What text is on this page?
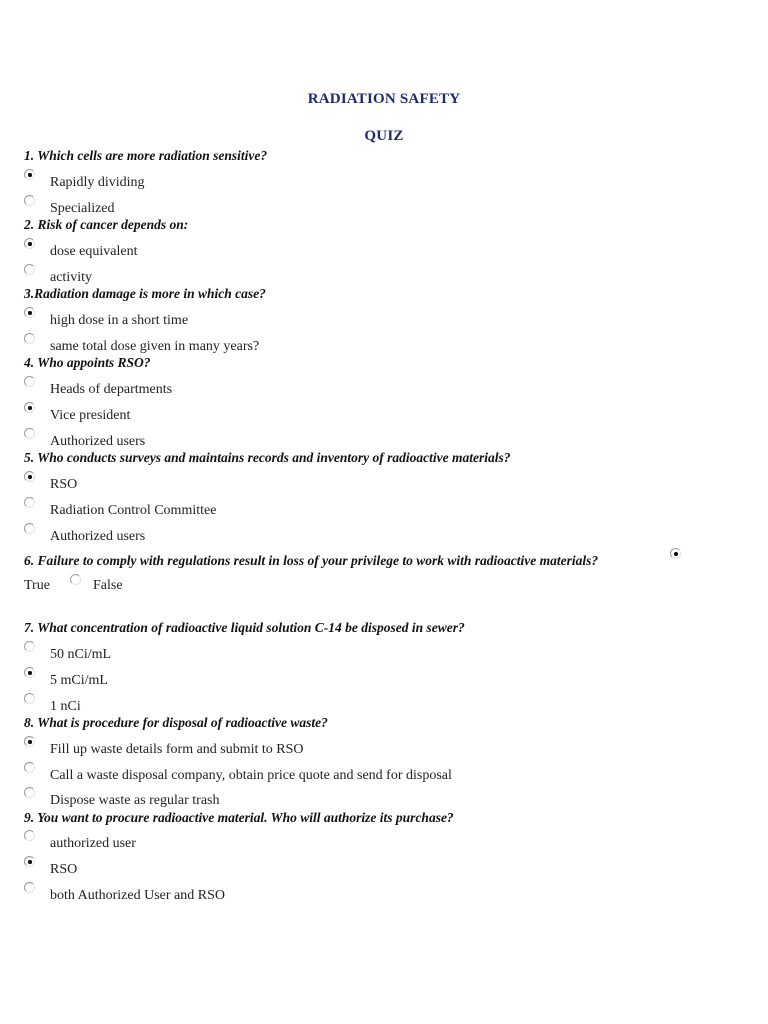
RADIATION SAFETY
QUIZ
1. Which cells are more radiation sensitive?
Rapidly dividing
Specialized
2. Risk of cancer depends on:
dose equivalent
activity
3.Radiation damage is more in which case?
high dose in a short time
same total dose given in many years?
4. Who appoints RSO?
Heads of departments
Vice president
Authorized users
5. Who conducts surveys and maintains records and inventory of radioactive materials?
RSO
Radiation Control Committee
Authorized users
6. Failure to comply with regulations result in loss of your privilege to work with radioactive materials?
True	False
7. What concentration of radioactive liquid solution C-14 be disposed in sewer?
50 nCi/mL
5 mCi/mL
1 nCi
8. What is procedure for disposal of radioactive waste?
Fill up waste details form and submit to RSO
Call a waste disposal company, obtain price quote and send for disposal
Dispose waste as regular trash
9. You want to procure radioactive material. Who will authorize its purchase?
authorized user
RSO
both Authorized User and RSO
